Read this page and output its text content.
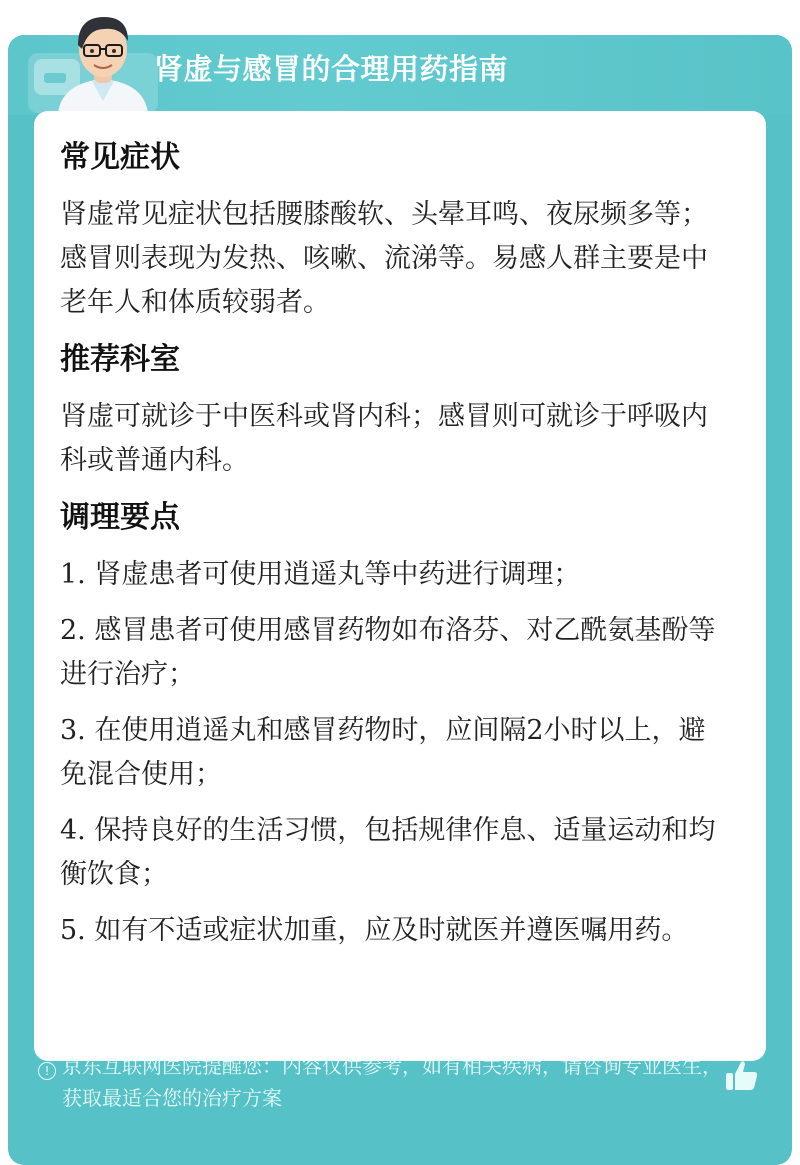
肾虚与感冒的合理用药指南
常见症状
肾虚常见症状包括腰膝酸软、头晕耳鸣、夜尿频多等；感冒则表现为发热、咳嗽、流涕等。易感人群主要是中老年人和体质较弱者。
推荐科室
肾虚可就诊于中医科或肾内科；感冒则可就诊于呼吸内科或普通内科。
调理要点
1. 肾虚患者可使用逍遥丸等中药进行调理；
2. 感冒患者可使用感冒药物如布洛芬、对乙酰氨基酚等进行治疗；
3. 在使用逍遥丸和感冒药物时，应间隔2小时以上，避免混合使用；
4. 保持良好的生活习惯，包括规律作息、适量运动和均衡饮食；
5. 如有不适或症状加重，应及时就医并遵医嘱用药。
! 京东互联网医院提醒您：内容仅供参考，如有相关疾病，请咨询专业医生，获取最适合您的治疗方案
